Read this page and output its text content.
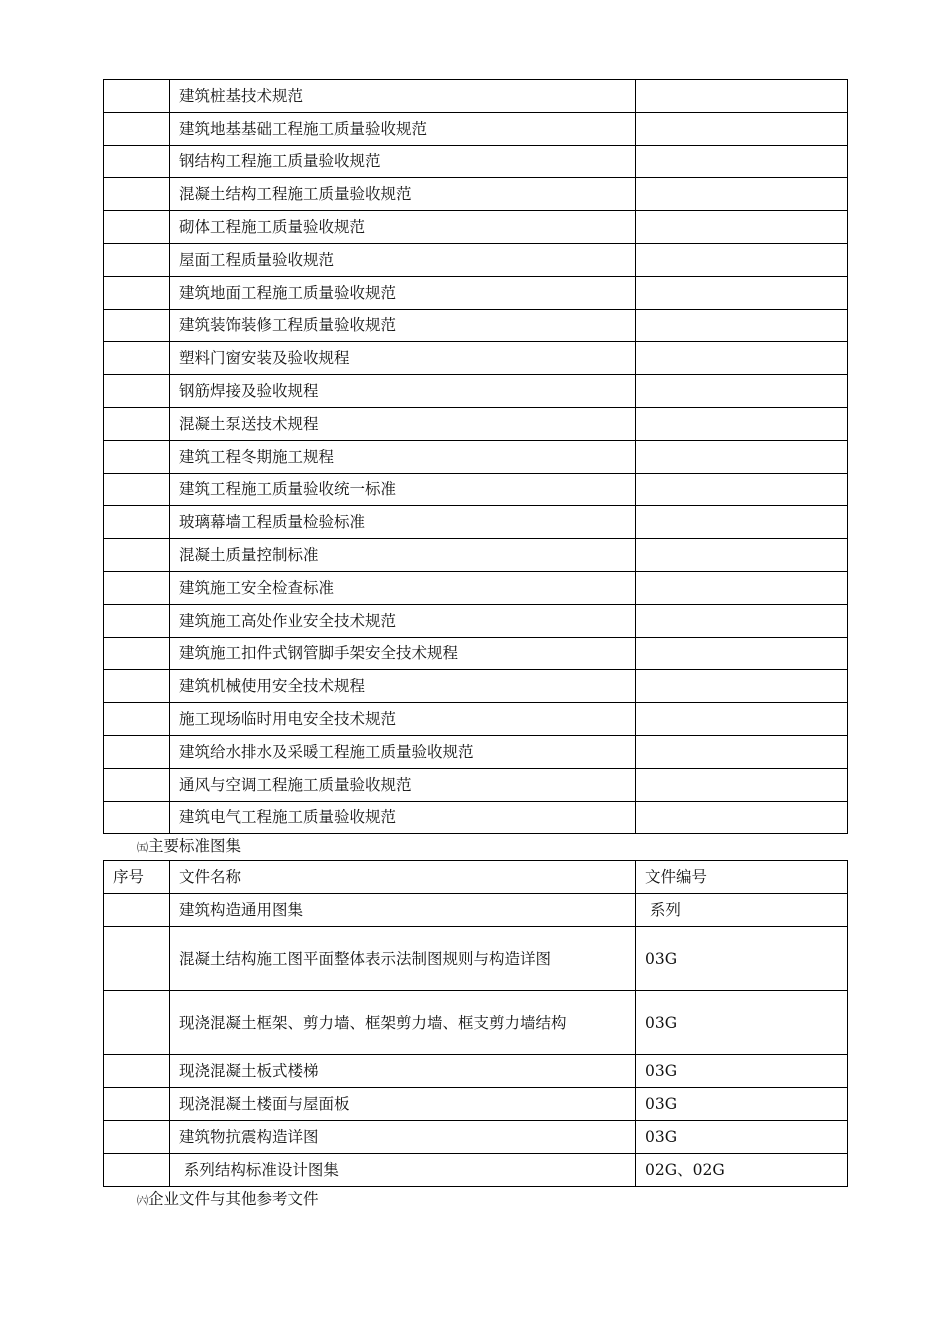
	建筑桩基技术规范	
	建筑地基基础工程施工质量验收规范	
	钢结构工程施工质量验收规范	
	混凝土结构工程施工质量验收规范	
	砌体工程施工质量验收规范	
	屋面工程质量验收规范	
	建筑地面工程施工质量验收规范	
	建筑装饰装修工程质量验收规范	
	塑料门窗安装及验收规程	
	钢筋焊接及验收规程	
	混凝土泵送技术规程	
	建筑工程冬期施工规程	
	建筑工程施工质量验收统一标准	
	玻璃幕墙工程质量检验标准	
	混凝土质量控制标准	
	建筑施工安全检查标准	
	建筑施工高处作业安全技术规范	
	建筑施工扣件式钢管脚手架安全技术规程	
	建筑机械使用安全技术规程	
	施工现场临时用电安全技术规范	
	建筑给水排水及采暖工程施工质量验收规范	
	通风与空调工程施工质量验收规范	
	建筑电气工程施工质量验收规范	

㈤主要标准图集

序号	文件名称	文件编号
	建筑构造通用图集	系列
	混凝土结构施工图平面整体表示法制图规则与构造详图	03G
	现浇混凝土框架、剪力墙、框架剪力墙、框支剪力墙结构	03G
	现浇混凝土板式楼梯	03G
	现浇混凝土楼面与屋面板	03G
	建筑物抗震构造详图	03G
	系列结构标准设计图集	02G、02G

㈥企业文件与其他参考文件
